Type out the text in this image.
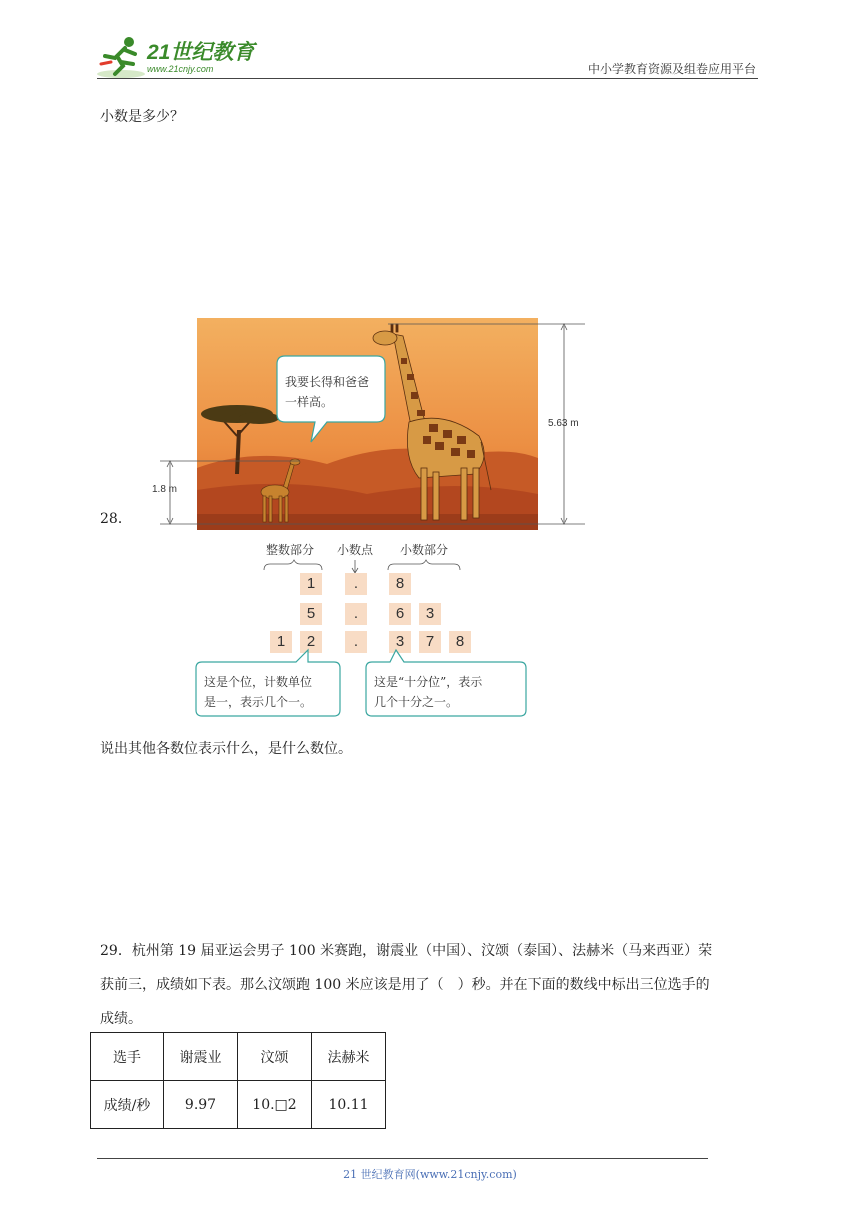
21世纪教育
www.21cnjy.com	中小学教育资源及组卷应用平台
小数是多少？
28．
我要长得和爸爸
一样高。
1.8 m
5.63 m
整数部分 小数点 小数部分
1	.	8
5	.	6	3
1	2	.	3	7	8
这是个位，计数单位
是一，表示几个一。
这是“十分位”，表示
几个十分之一。
说出其他各数位表示什么，是什么数位。
29．杭州第 19 届亚运会男子 100 米赛跑，谢震业（中国）、汶颂（泰国）、法赫米（马来西亚）荣
获前三，成绩如下表。那么汶颂跑 100 米应该是用了（　）秒。并在下面的数线中标出三位选手的
成绩。
选手	谢震业	汶颂	法赫米
成绩/秒	9.97	10.□2	10.11
21 世纪教育网(www.21cnjy.com)
